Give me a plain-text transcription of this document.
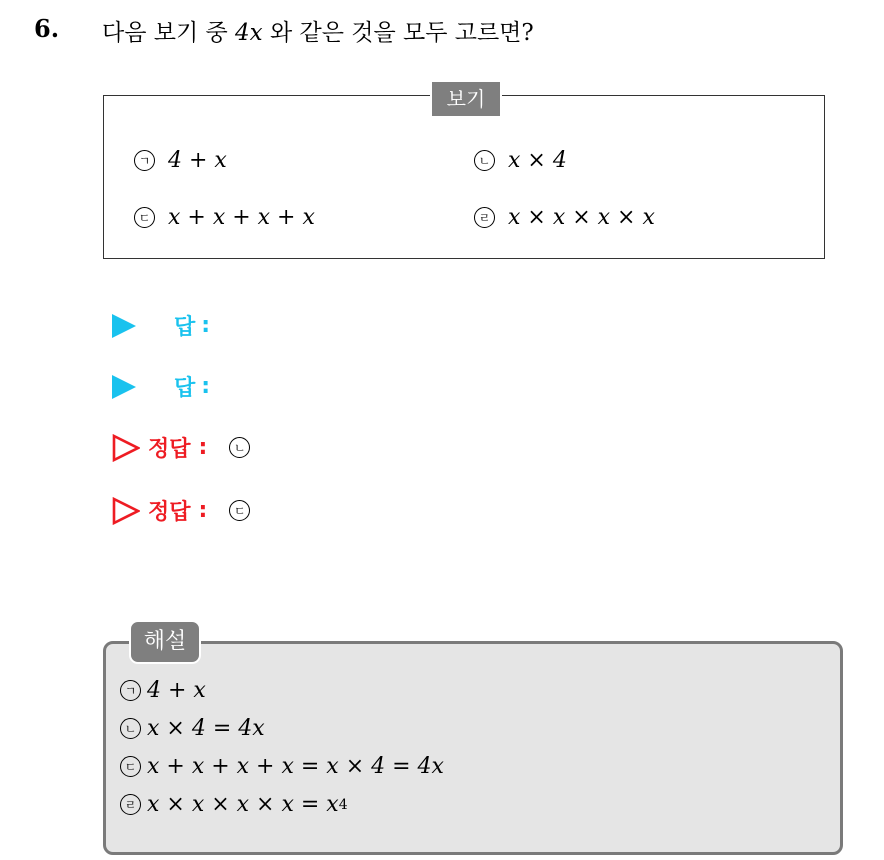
6. 다음 보기 중 4x 와 같은 것을 모두 고르면?
보기
ㄱ 4 + x	ㄴ x × 4
ㄷ x + x + x + x	ㄹ x × x × x × x
답 :
답 :
정답 :	ㄴ
정답 :	ㄷ
해설
ㄱ 4 + x
ㄴ x × 4 = 4x
ㄷ x + x + x + x = x × 4 = 4x
ㄹ x × x × x × x = x 4
